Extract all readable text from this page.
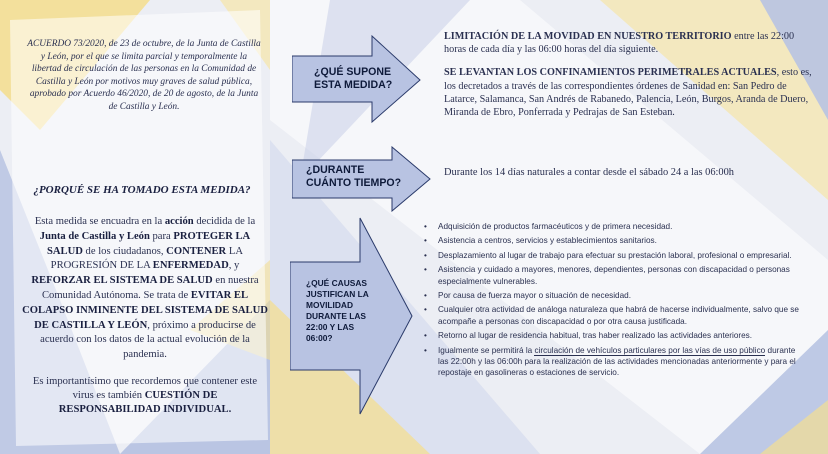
ACUERDO 73/2020, de 23 de octubre, de la Junta de Castilla y León, por el que se limita parcial y temporalmente la libertad de circulación de las personas en la Comunidad de Castilla y León por motivos muy graves de salud pública, aprobado por Acuerdo 46/2020, de 20 de agosto, de la Junta de Castilla y León.
¿PORQUÉ SE HA TOMADO ESTA MEDIDA?
Esta medida se encuadra en la acción decidida de la Junta de Castilla y León para PROTEGER LA SALUD de los ciudadanos, CONTENER LA PROGRESIÓN DE LA ENFERMEDAD, y REFORZAR EL SISTEMA DE SALUD en nuestra Comunidad Autónoma. Se trata de EVITAR EL COLAPSO INMINENTE DEL SISTEMA DE SALUD DE CASTILLA Y LEÓN, próximo a producirse de acuerdo con los datos de la actual evolución de la pandemia.
Es importantísimo que recordemos que contener este virus es también CUESTIÓN DE RESPONSABILIDAD INDIVIDUAL.
¿QUÉ SUPONE ESTA MEDIDA?
¿DURANTE CUÁNTO TIEMPO?
¿QUÉ CAUSAS JUSTIFICAN LA MOVILIDAD DURANTE LAS 22:00 Y LAS 06:00?

LIMITACIÓN DE LA MOVIDAD EN NUESTRO TERRITORIO entre las 22:00 horas de cada día y las 06:00 horas del día siguiente.

SE LEVANTAN LOS CONFINAMIENTOS PERIMETRALES ACTUALES, esto es, los decretados a través de las correspondientes órdenes de Sanidad en: San Pedro de Latarce, Salamanca, San Andrés de Rabanedo, Palencia, León, Burgos, Aranda de Duero, Miranda de Ebro, Ponferrada y Pedrajas de San Esteban.

Durante los 14 días naturales a contar desde el sábado 24 a las 06:00h
• Adquisición de productos farmacéuticos y de primera necesidad.
• Asistencia a centros, servicios y establecimientos sanitarios.
• Desplazamiento al lugar de trabajo para efectuar su prestación laboral, profesional o empresarial.
• Asistencia y cuidado a mayores, menores, dependientes, personas con discapacidad o personas especialmente vulnerables.
• Por causa de fuerza mayor o situación de necesidad.
• Cualquier otra actividad de análoga naturaleza que habrá de hacerse individualmente, salvo que se acompañe a personas con discapacidad o por otra causa justificada.
• Retorno al lugar de residencia habitual, tras haber realizado las actividades anteriores.
• Igualmente se permitirá la circulación de vehículos particulares por las vías de uso público durante las 22:00h y las 06:00h para la realización de las actividades mencionadas anteriormente y para el repostaje en gasolineras o estaciones de servicio.
